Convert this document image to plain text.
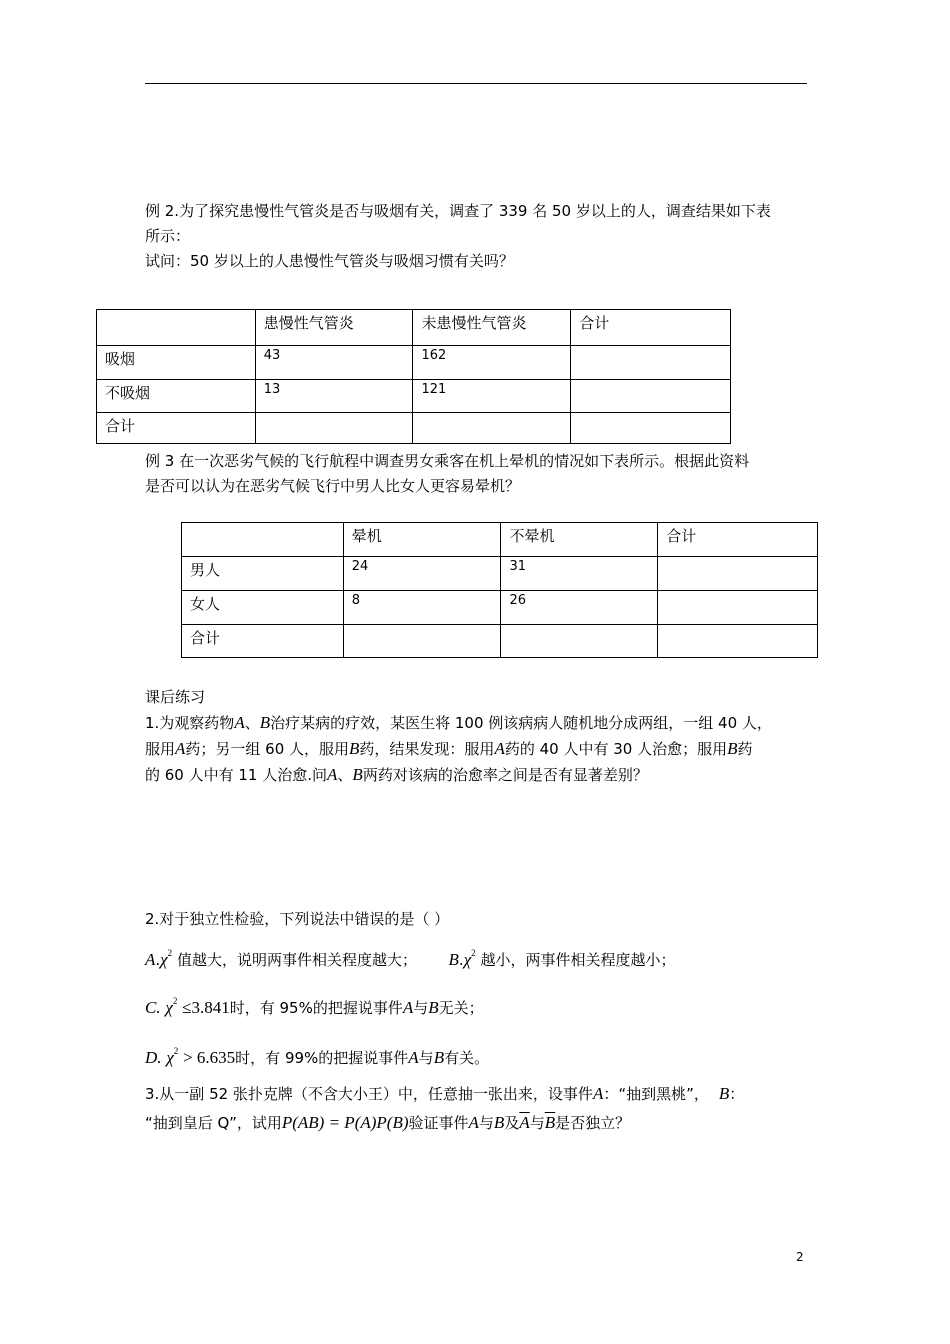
例 2.为了探究患慢性气管炎是否与吸烟有关，调查了 339 名 50 岁以上的人，调查结果如下表
所示：
试问：50 岁以上的人患慢性气管炎与吸烟习惯有关吗？
	患慢性气管炎	未患慢性气管炎	合计
吸烟	43	162	
不吸烟	13	121	
合计			
例 3 在一次恶劣气候的飞行航程中调查男女乘客在机上晕机的情况如下表所示。根据此资料
是否可以认为在恶劣气候飞行中男人比女人更容易晕机？
	晕机	不晕机	合计
男人	24	31	
女人	8	26	
合计			
课后练习
1.为观察药物A、B治疗某病的疗效，某医生将 100 例该病病人随机地分成两组，一组 40 人，
服用A药；另一组 60 人，服用B药，结果发现：服用A药的 40 人中有 30 人治愈；服用B药
的 60 人中有 11 人治愈.问A、B两药对该病的治愈率之间是否有显著差别？
2.对于独立性检验，下列说法中错误的是（ ）
$A.\chi^2$ 值越大，说明两事件相关程度越大； $B.\chi^2$ 越小，两事件相关程度越小；
C. $\chi^2 \le 3.841$时，有 95%的把握说事件A与B无关；
D. $\chi^2 > 6.635$时，有 99%的把握说事件A与B有关。
3.从一副 52 张扑克牌（不含大小王）中，任意抽一张出来，设事件A：“抽到黑桃”， B：
“抽到皇后 Q”，试用P(AB) = P(A)P(B)验证事件A与B及$\overline{A}$与$\overline{B}$是否独立？
2
